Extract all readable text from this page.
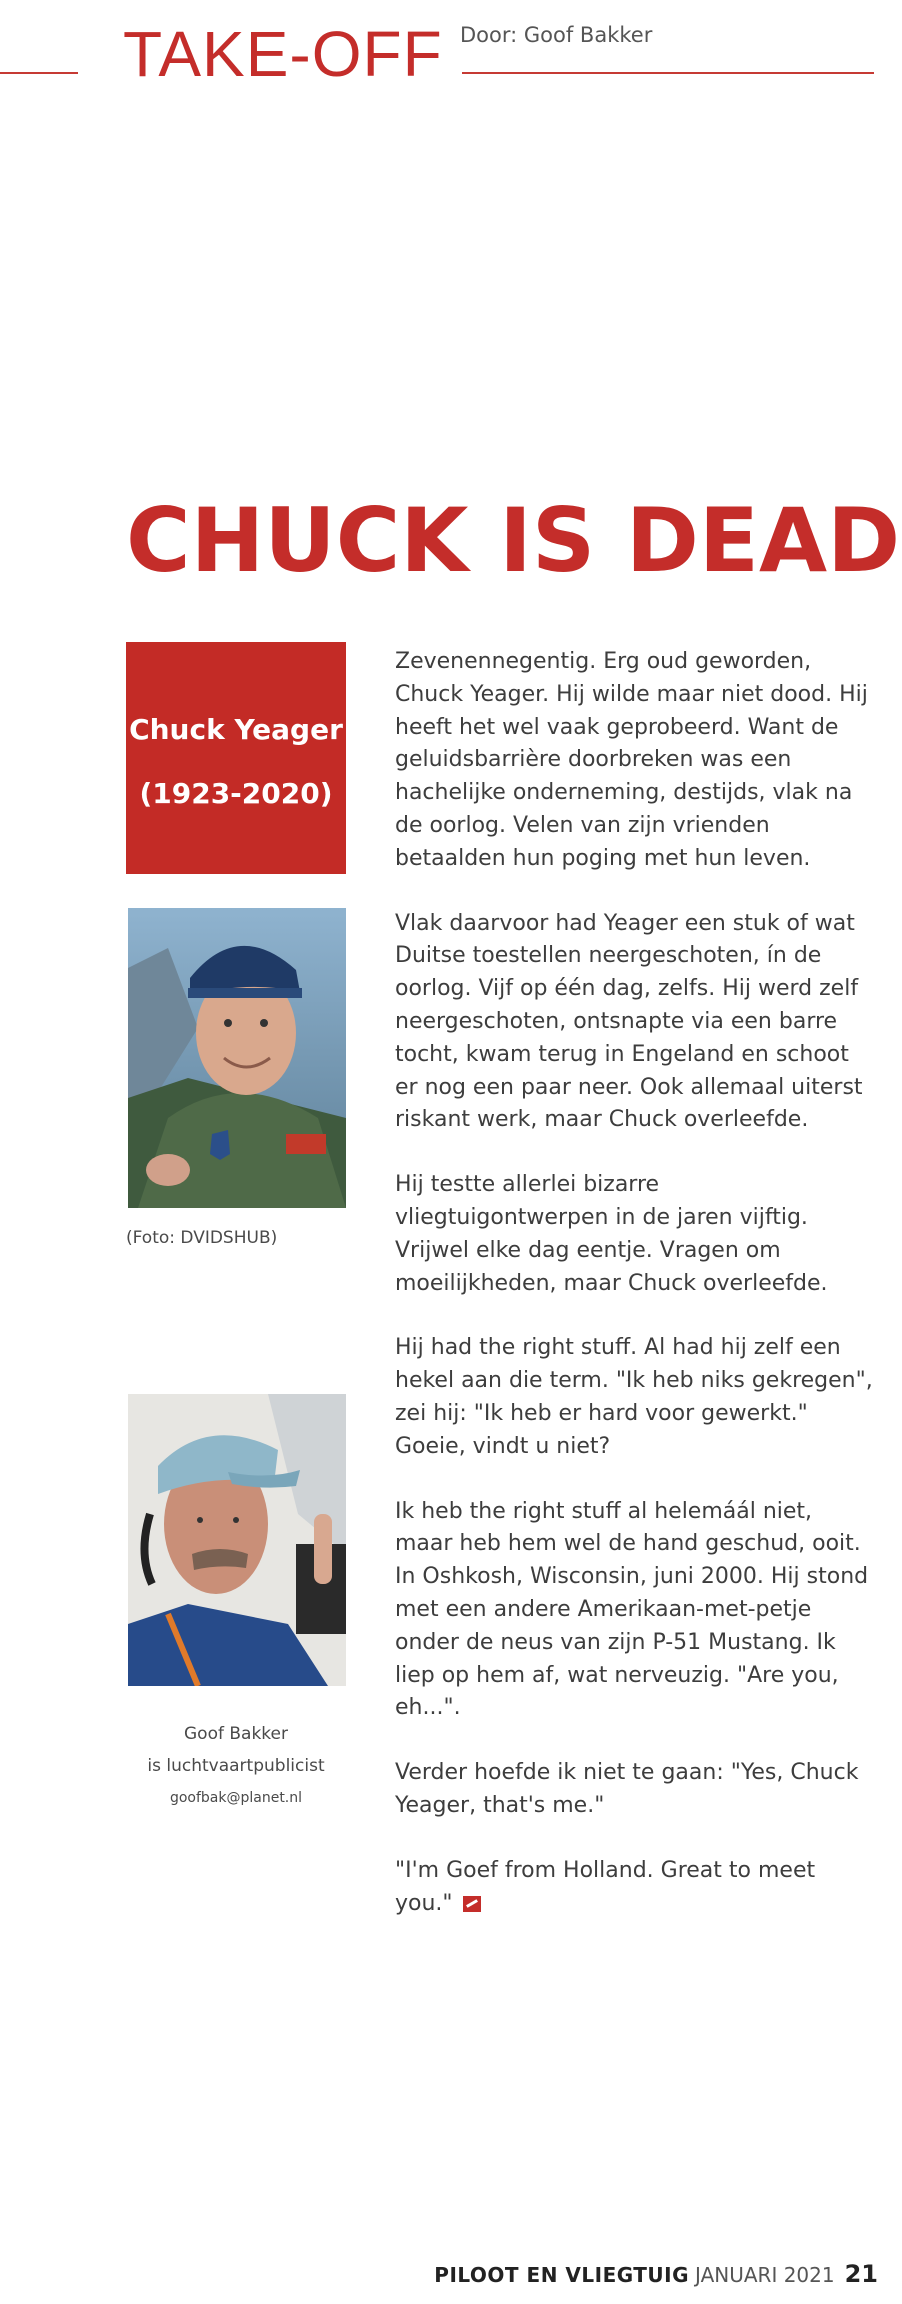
TAKE-OFF Door: Goof Bakker
CHUCK IS DEAD
Chuck Yeager
(1923-2020)
(Foto: DVIDSHUB)
Goof Bakker
is luchtvaartpublicist
goofbak@planet.nl

Zevenennegentig. Erg oud geworden, Chuck Yeager. Hij wilde maar niet dood. Hij heeft het wel vaak geprobeerd. Want de geluidsbarrière doorbreken was een hachelijke onderneming, destijds, vlak na de oorlog. Velen van zijn vrienden betaalden hun poging met hun leven.

Vlak daarvoor had Yeager een stuk of wat Duitse toestellen neergeschoten, ín de oorlog. Vijf op één dag, zelfs. Hij werd zelf neergeschoten, ontsnapte via een barre tocht, kwam terug in Engeland en schoot er nog een paar neer. Ook allemaal uiterst riskant werk, maar Chuck overleefde.

Hij testte allerlei bizarre vliegtuigontwerpen in de jaren vijftig. Vrijwel elke dag eentje. Vragen om moeilijkheden, maar Chuck overleefde.

Hij had the right stuff. Al had hij zelf een hekel aan die term. "Ik heb niks gekregen", zei hij: "Ik heb er hard voor gewerkt." Goeie, vindt u niet?

Ik heb the right stuff al helemáál niet, maar heb hem wel de hand geschud, ooit. In Oshkosh, Wisconsin, juni 2000. Hij stond met een andere Amerikaan-met-petje onder de neus van zijn P-51 Mustang. Ik liep op hem af, wat nerveuzig. "Are you, eh...".

Verder hoefde ik niet te gaan: "Yes, Chuck Yeager, that's me."

"I'm Goef from Holland. Great to meet you."

PILOOT EN VLIEGTUIG JANUARI 2021 21
